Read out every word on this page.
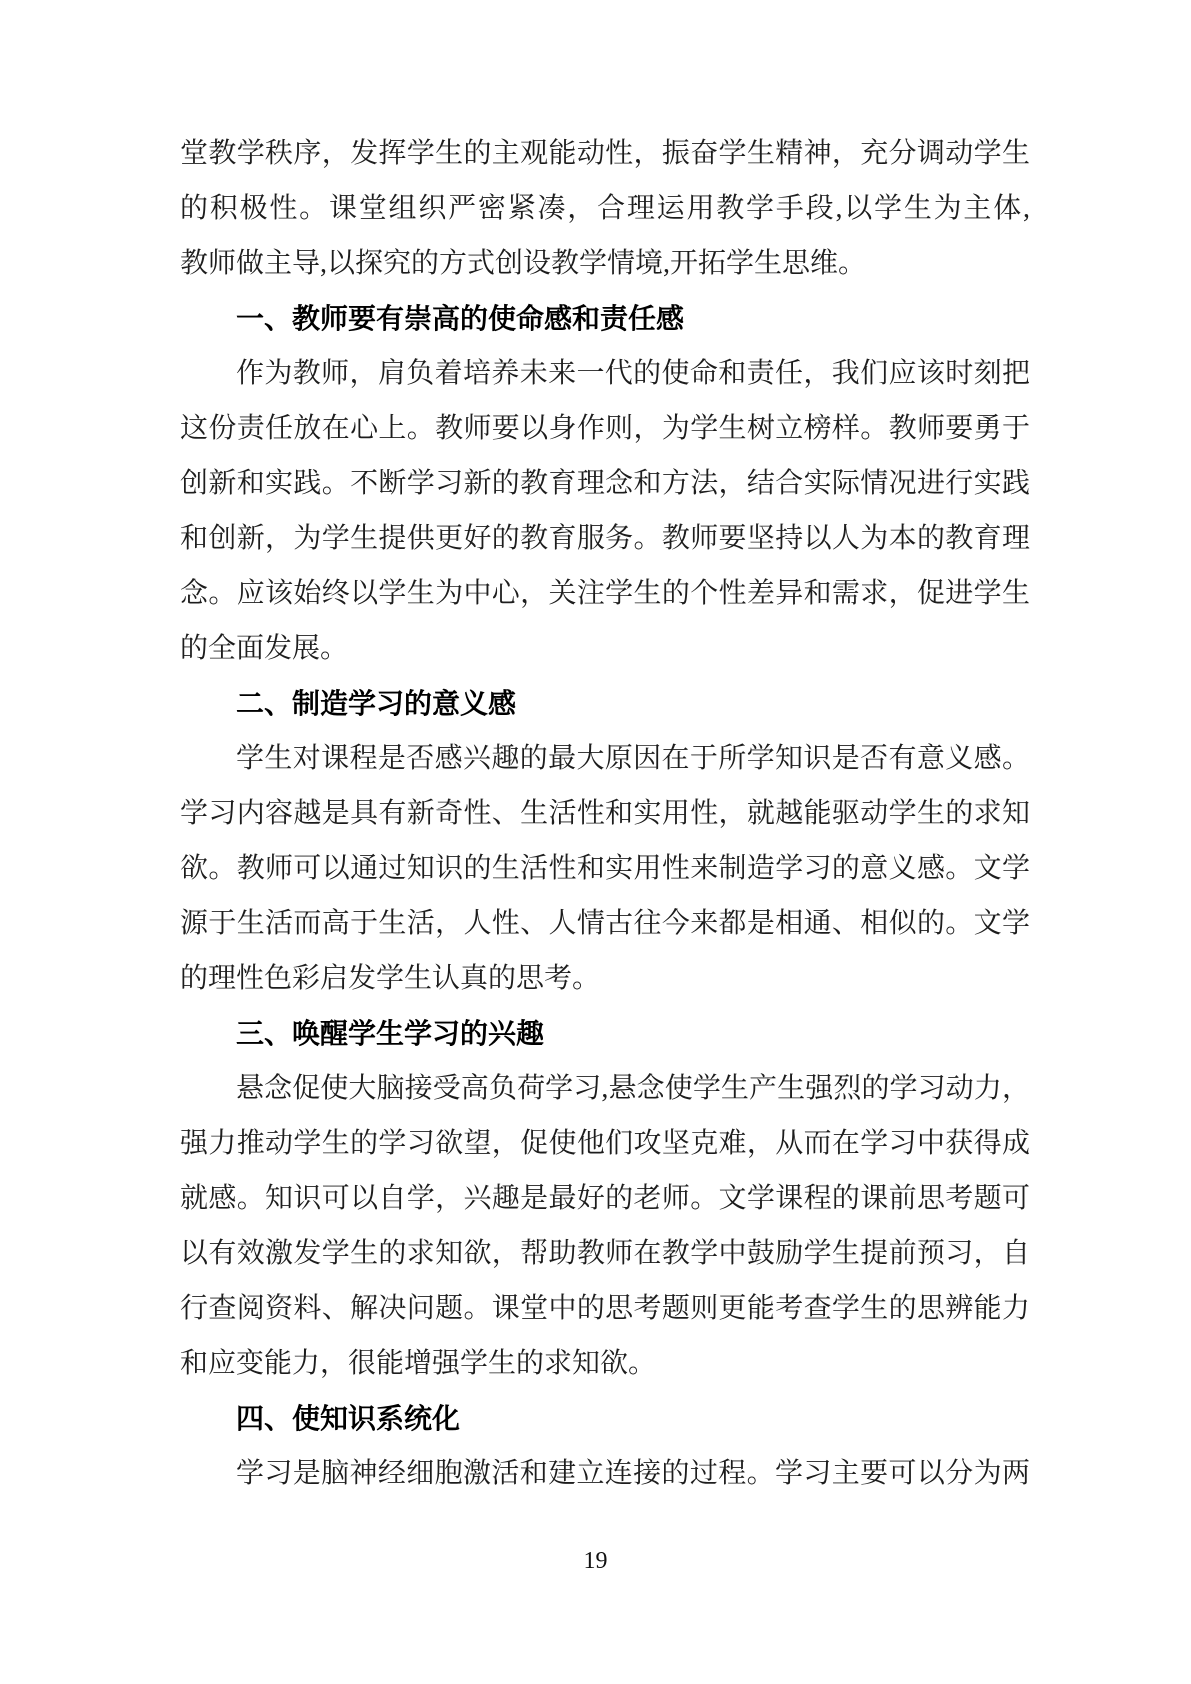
堂教学秩序，发挥学生的主观能动性，振奋学生精神，充分调动学生
的积极性。课堂组织严密紧凑，合理运用教学手段,以学生为主体,
教师做主导,以探究的方式创设教学情境,开拓学生思维。
一、教师要有崇高的使命感和责任感
作为教师，肩负着培养未来一代的使命和责任，我们应该时刻把
这份责任放在心上。教师要以身作则，为学生树立榜样。教师要勇于
创新和实践。不断学习新的教育理念和方法，结合实际情况进行实践
和创新，为学生提供更好的教育服务。教师要坚持以人为本的教育理
念。应该始终以学生为中心，关注学生的个性差异和需求，促进学生
的全面发展。
二、制造学习的意义感
学生对课程是否感兴趣的最大原因在于所学知识是否有意义感。
学习内容越是具有新奇性、生活性和实用性，就越能驱动学生的求知
欲。教师可以通过知识的生活性和实用性来制造学习的意义感。文学
源于生活而高于生活，人性、人情古往今来都是相通、相似的。文学
的理性色彩启发学生认真的思考。
三、唤醒学生学习的兴趣
悬念促使大脑接受高负荷学习,悬念使学生产生强烈的学习动力，
强力推动学生的学习欲望，促使他们攻坚克难，从而在学习中获得成
就感。知识可以自学，兴趣是最好的老师。文学课程的课前思考题可
以有效激发学生的求知欲，帮助教师在教学中鼓励学生提前预习，自
行查阅资料、解决问题。课堂中的思考题则更能考查学生的思辨能力
和应变能力，很能增强学生的求知欲。
四、使知识系统化
学习是脑神经细胞激活和建立连接的过程。学习主要可以分为两
19
